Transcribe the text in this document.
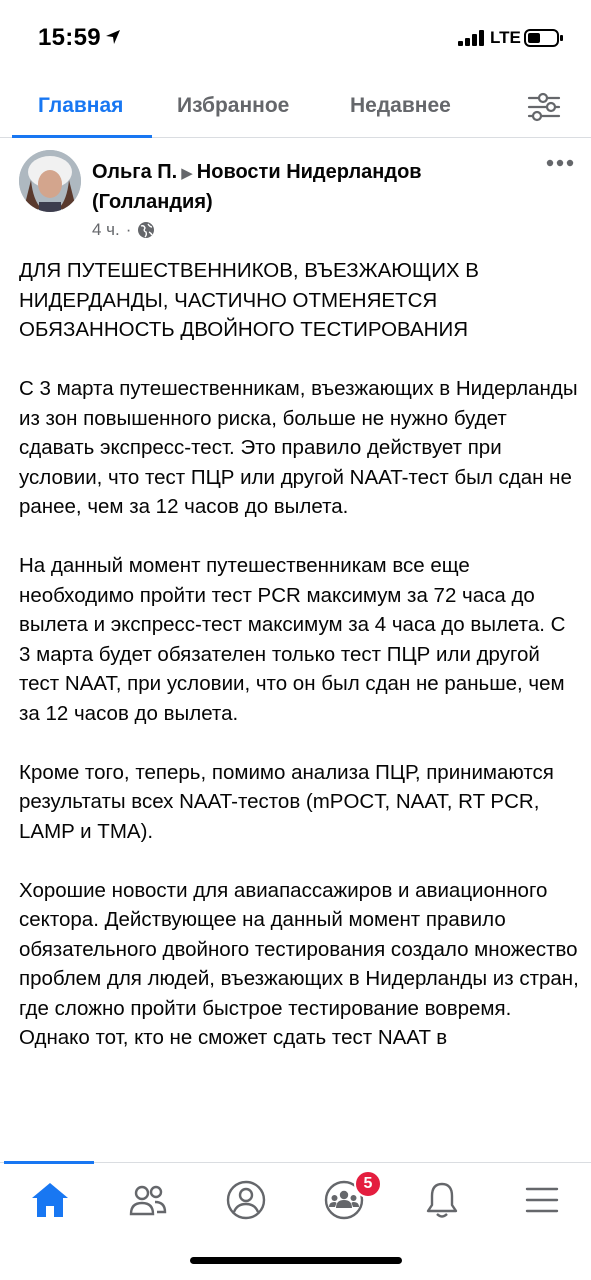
15:59	LTE
Главная	Избранное	Недавнее
Ольга П. ▶ Новости Нидерландов (Голландия)
4 ч. ·

ДЛЯ ПУТЕШЕСТВЕННИКОВ, ВЪЕЗЖАЮЩИХ В НИДЕРДАНДЫ, ЧАСТИЧНО ОТМЕНЯЕТСЯ ОБЯЗАННОСТЬ ДВОЙНОГО ТЕСТИРОВАНИЯ

С 3 марта путешественникам, въезжающих в Нидерланды из зон повышенного риска, больше не нужно будет сдавать экспресс-тест. Это правило действует при условии, что тест ПЦР или другой NAAT-тест был сдан не ранее, чем за 12 часов до вылета.

На данный момент путешественникам все еще необходимо пройти тест PCR максимум за 72 часа до вылета и экспресс-тест максимум за 4 часа до вылета. С 3 марта будет обязателен только тест ПЦР или другой тест NAAT, при условии, что он был сдан не раньше, чем за 12 часов до вылета.

Кроме того, теперь, помимо анализа ПЦР, принимаются результаты всех NAAT-тестов (mPOCT, NAAT, RT PCR, LAMP и TMA).

Хорошие новости для авиапассажиров и авиационного сектора. Действующее на данный момент правило обязательного двойного тестирования создало множество проблем для людей, въезжающих в Нидерланды из стран, где сложно пройти быстрое тестирование вовремя. Однако тот, кто не сможет сдать тест NAAT в

5
